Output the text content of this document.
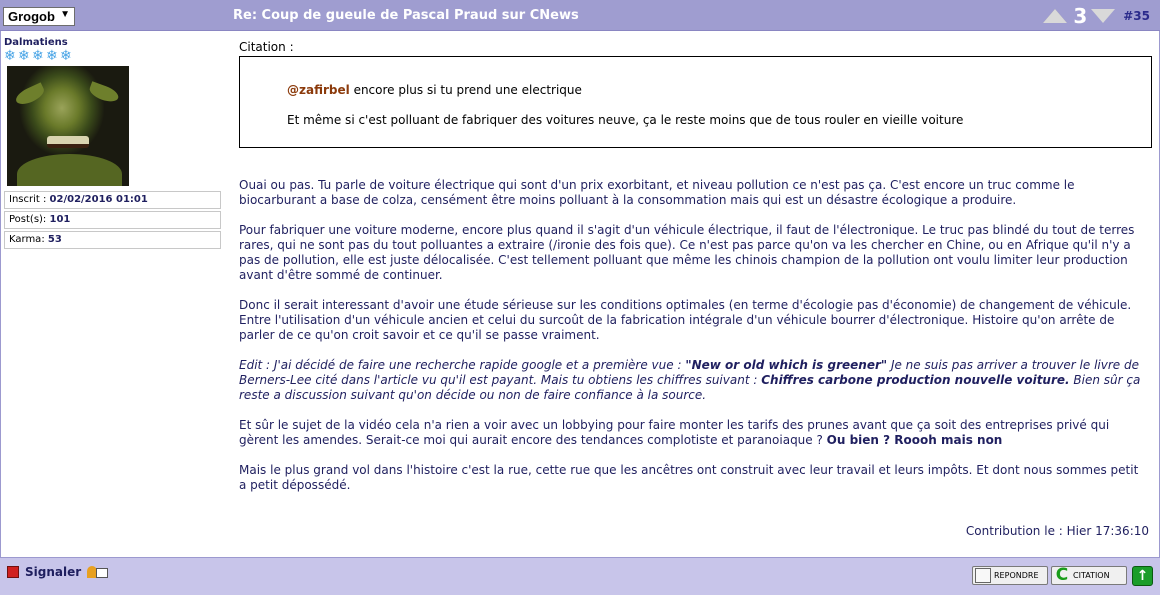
Grogob ▼	Re: Coup de gueule de Pascal Praud sur CNews	3	#35
Dalmatiens
❄ ❄ ❄ ❄ ❄
Inscrit : 02/02/2016 01:01
Post(s): 101
Karma: 53
Citation :

@zafirbel encore plus si tu prend une electrique

Et même si c'est polluant de fabriquer des voitures neuve, ça le reste moins que de tous rouler en vieille voiture

Ouai ou pas. Tu parle de voiture électrique qui sont d'un prix exorbitant, et niveau pollution ce n'est pas ça. C'est encore un truc comme le biocarburant a base de colza, censément être moins polluant à la consommation mais qui est un désastre écologique a produire.

Pour fabriquer une voiture moderne, encore plus quand il s'agit d'un véhicule électrique, il faut de l'électronique. Le truc pas blindé du tout de terres rares, qui ne sont pas du tout polluantes a extraire (/ironie des fois que). Ce n'est pas parce qu'on va les chercher en Chine, ou en Afrique qu'il n'y a pas de pollution, elle est juste délocalisée. C'est tellement polluant que même les chinois champion de la pollution ont voulu limiter leur production avant d'être sommé de continuer.

Donc il serait interessant d'avoir une étude sérieuse sur les conditions optimales (en terme d'écologie pas d'économie) de changement de véhicule. Entre l'utilisation d'un véhicule ancien et celui du surcoût de la fabrication intégrale d'un véhicule bourrer d'électronique. Histoire qu'on arrête de parler de ce qu'on croit savoir et ce qu'il se passe vraiment.

Edit : J'ai décidé de faire une recherche rapide google et a première vue : "New or old which is greener" Je ne suis pas arriver a trouver le livre de Berners-Lee cité dans l'article vu qu'il est payant. Mais tu obtiens les chiffres suivant : Chiffres carbone production nouvelle voiture. Bien sûr ça reste a discussion suivant qu'on décide ou non de faire confiance à la source.

Et sûr le sujet de la vidéo cela n'a rien a voir avec un lobbying pour faire monter les tarifs des prunes avant que ça soit des entreprises privé qui gèrent les amendes. Serait-ce moi qui aurait encore des tendances complotiste et paranoiaque ? Ou bien ? Roooh mais non

Mais le plus grand vol dans l'histoire c'est la rue, cette rue que les ancêtres ont construit avec leur travail et leurs impôts. Et dont nous sommes petit a petit dépossédé.

Contribution le : Hier 17:36:10
Signaler	REPONDRE C CITATION	↑
